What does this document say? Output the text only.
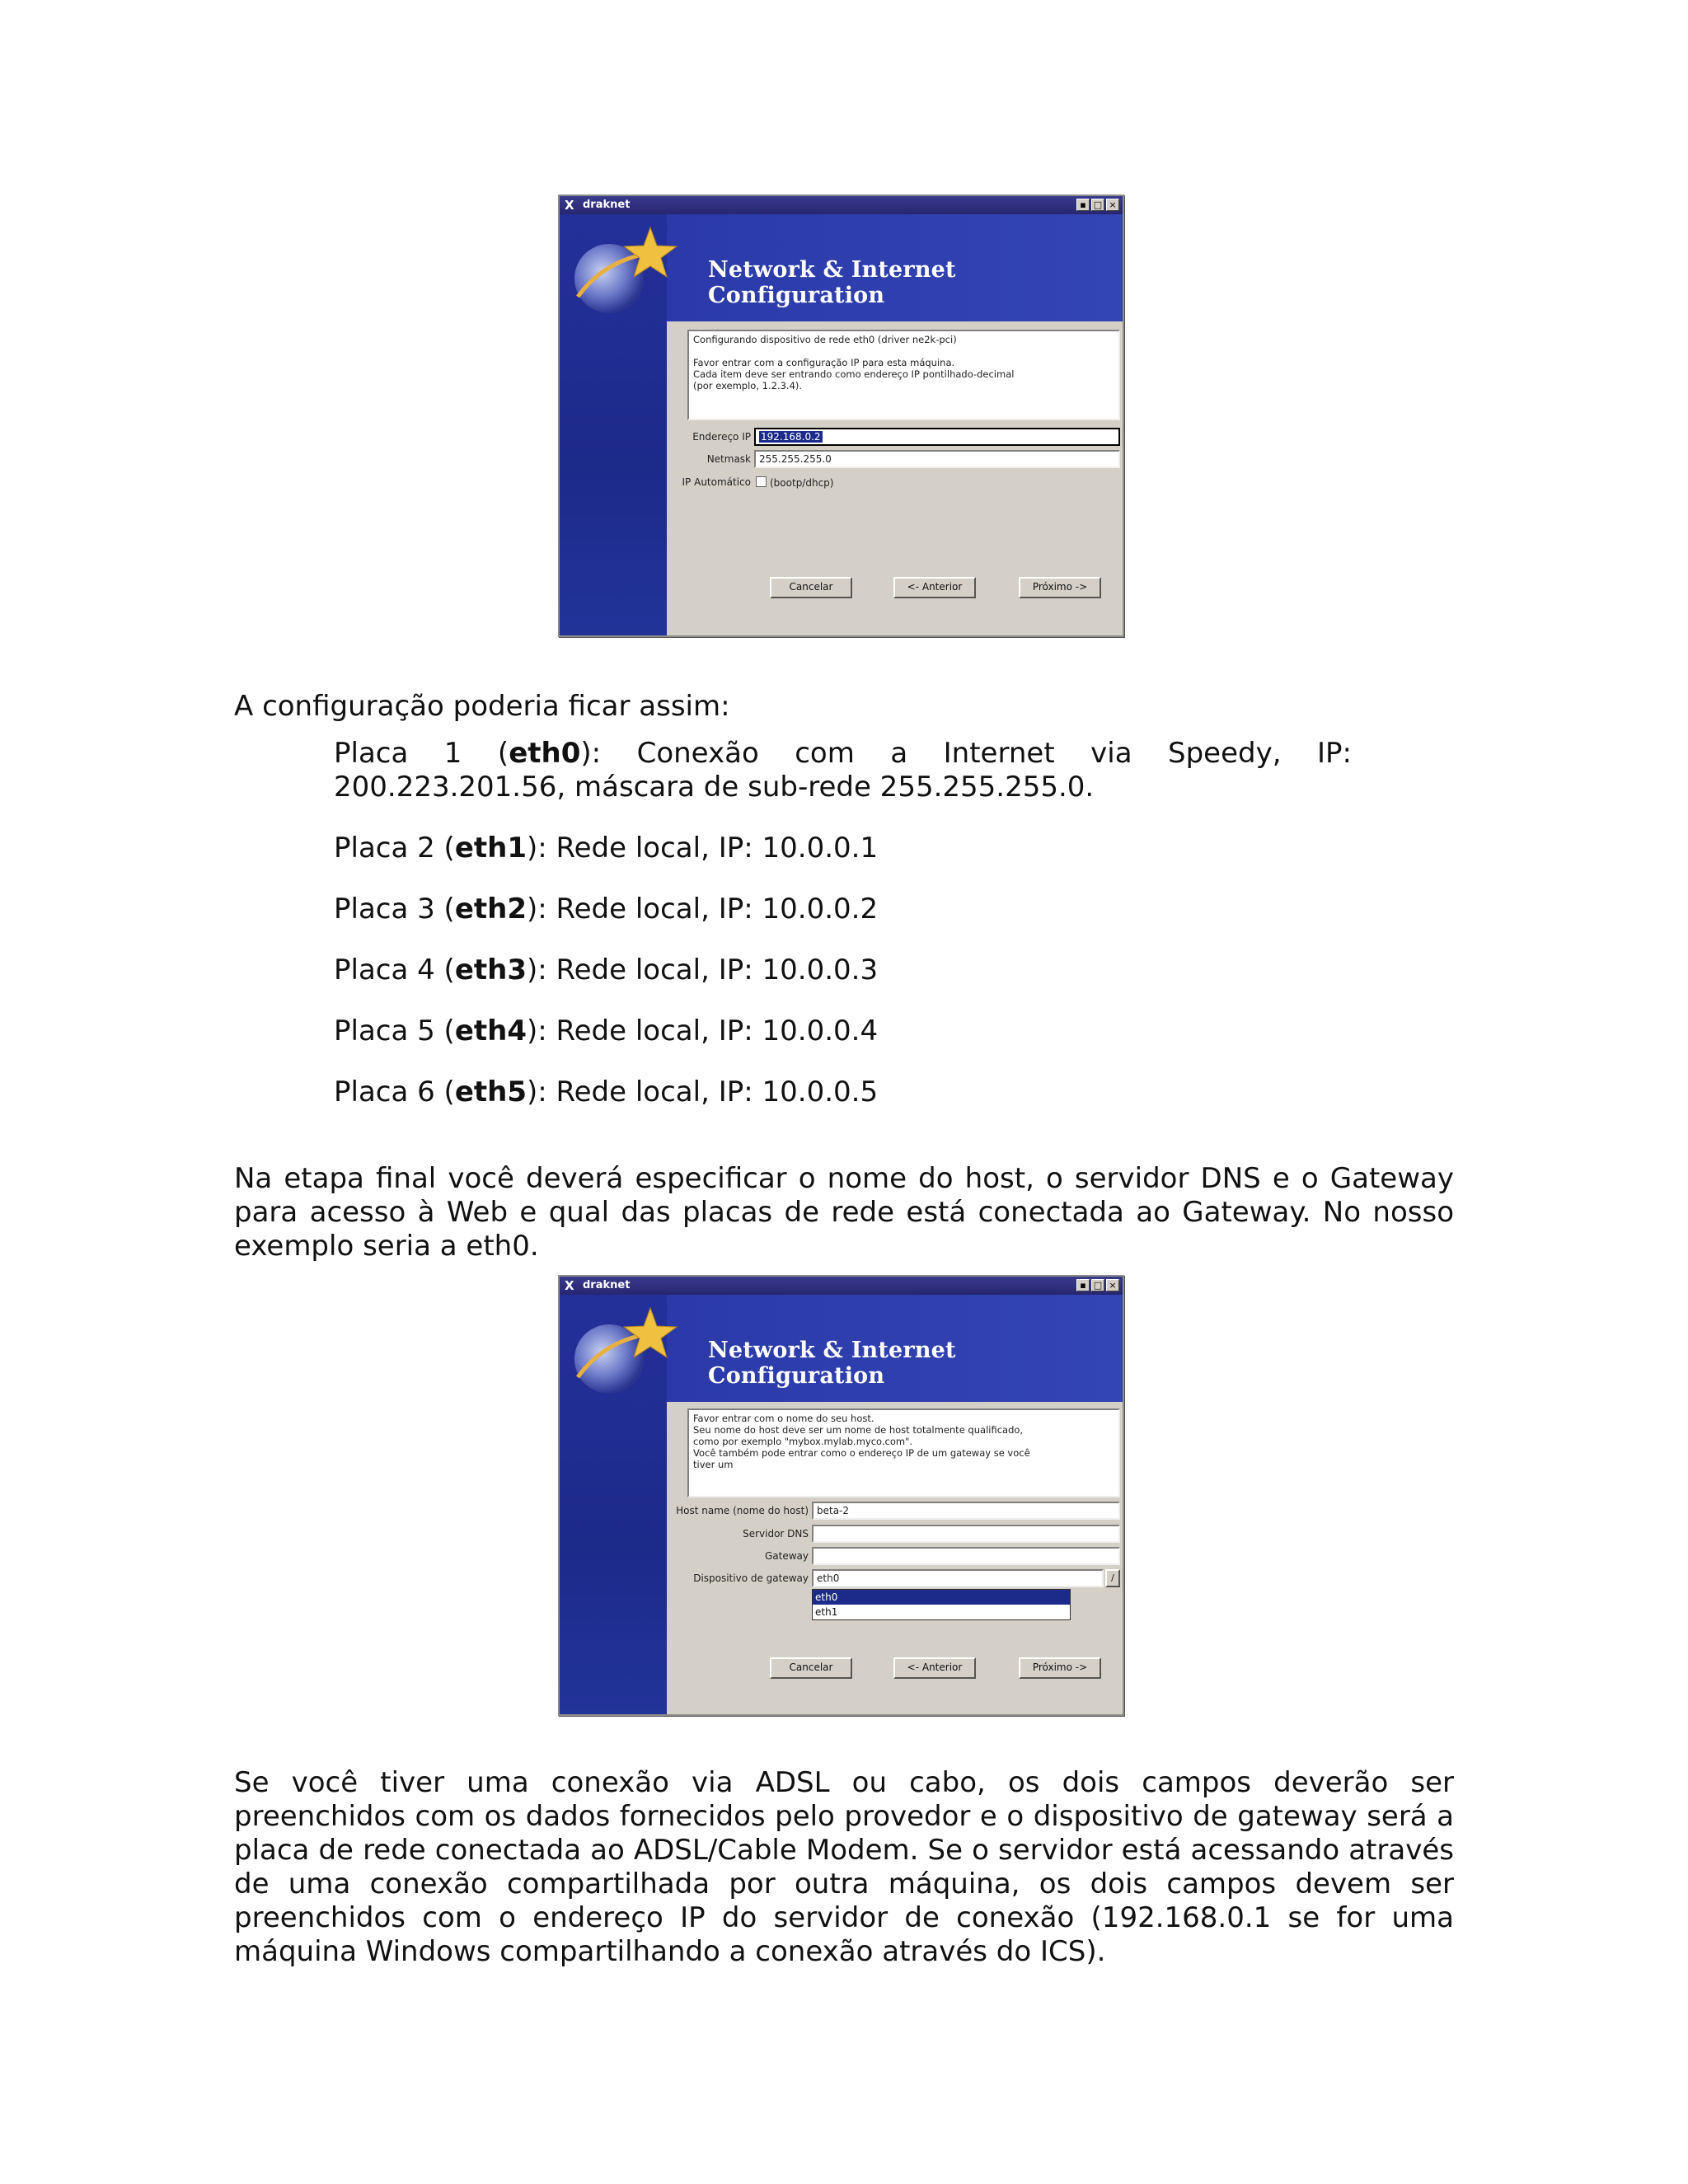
X draknet	▪ □ ×
Network & Internet Configuration
Configurando dispositivo de rede eth0 (driver ne2k-pci)

Favor entrar com a configuração IP para esta máquina.
Cada item deve ser entrando como endereço IP pontilhado-decimal
(por exemplo, 1.2.3.4).
Endereço IP	192.168.0.2
Netmask 255.255.255.0
IP Automático	(bootp/dhcp)
Cancelar	<- Anterior	Próximo ->
A configuração poderia ficar assim:
Placa 1 (eth0): Conexão com a Internet via Speedy, IP:
200.223.201.56, máscara de sub-rede 255.255.255.0.
Placa 2 (eth1): Rede local, IP: 10.0.0.1
Placa 3 (eth2): Rede local, IP: 10.0.0.2
Placa 4 (eth3): Rede local, IP: 10.0.0.3
Placa 5 (eth4): Rede local, IP: 10.0.0.4
Placa 6 (eth5): Rede local, IP: 10.0.0.5
Na etapa final você deverá especificar o nome do host, o servidor DNS e o Gateway para acesso à Web e qual das placas de rede está conectada ao Gateway. No nosso exemplo seria a eth0.
X draknet	▪ □ ×
Network & Internet Configuration
Favor entrar com o nome do seu host.
Seu nome do host deve ser um nome de host totalmente qualificado,
como por exemplo "mybox.mylab.myco.com".
Você também pode entrar como o endereço IP de um gateway se você
tiver um
Host name (nome do host) beta-2
Servidor DNS
Gateway
Dispositivo de gateway eth0	/
eth0
eth1
Cancelar	<- Anterior	Próximo ->
Se você tiver uma conexão via ADSL ou cabo, os dois campos deverão ser preenchidos com os dados fornecidos pelo provedor e o dispositivo de gateway será a placa de rede conectada ao ADSL/Cable Modem. Se o servidor está acessando através de uma conexão compartilhada por outra máquina, os dois campos devem ser preenchidos com o endereço IP do servidor de conexão (192.168.0.1 se for uma máquina Windows compartilhando a conexão através do ICS).
